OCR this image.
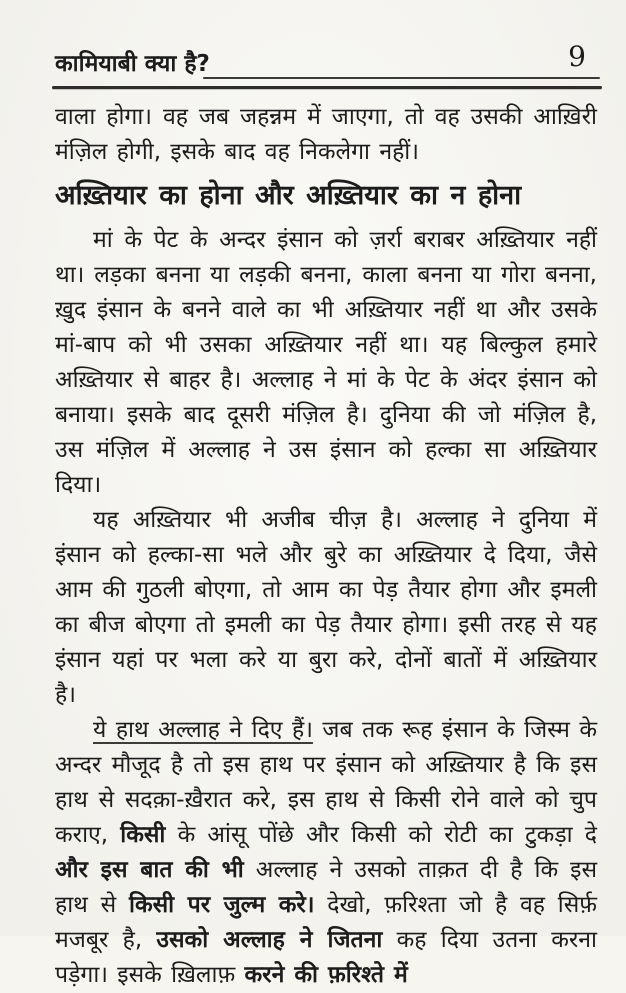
कामियाबी क्या है?	9

वाला होगा। वह जब जहन्नम में जाएगा, तो वह उसकी आख़िरी मंज़िल होगी, इसके बाद वह निकलेगा नहीं।

अख़्तियार का होना और अख़्तियार का न होना

मां के पेट के अन्दर इंसान को ज़र्रा बराबर अख़्तियार नहीं था। लड़का बनना या लड़की बनना, काला बनना या गोरा बनना, ख़ुद इंसान के बनने वाले का भी अख़्तियार नहीं था और उसके मां-बाप को भी उसका अख़्तियार नहीं था। यह बिल्कुल हमारे अख़्तियार से बाहर है। अल्लाह ने मां के पेट के अंदर इंसान को बनाया। इसके बाद दूसरी मंज़िल है। दुनिया की जो मंज़िल है, उस मंज़िल में अल्लाह ने उस इंसान को हल्का सा अख़्तियार दिया।

यह अख़्तियार भी अजीब चीज़ है। अल्लाह ने दुनिया में इंसान को हल्का-सा भले और बुरे का अख़्तियार दे दिया, जैसे आम की गुठली बोएगा, तो आम का पेड़ तैयार होगा और इमली का बीज बोएगा तो इमली का पेड़ तैयार होगा। इसी तरह से यह इंसान यहां पर भला करे या बुरा करे, दोनों बातों में अख़्तियार है।

ये हाथ अल्लाह ने दिए हैं। जब तक रूह इंसान के जिस्म के अन्दर मौजूद है तो इस हाथ पर इंसान को अख़्तियार है कि इस हाथ से सदक़ा-ख़ैरात करे, इस हाथ से किसी रोने वाले को चुप कराए, किसी के आंसू पोंछे और किसी को रोटी का टुकड़ा दे और इस बात की भी अल्लाह ने उसको ताक़त दी है कि इस हाथ से किसी पर जुल्म करे। देखो, फ़रिश्ता जो है वह सिर्फ़ मजबूर है, उसको अल्लाह ने जितना कह दिया उतना करना पड़ेगा। इसके ख़िलाफ़ करने की फ़रिश्ते में
